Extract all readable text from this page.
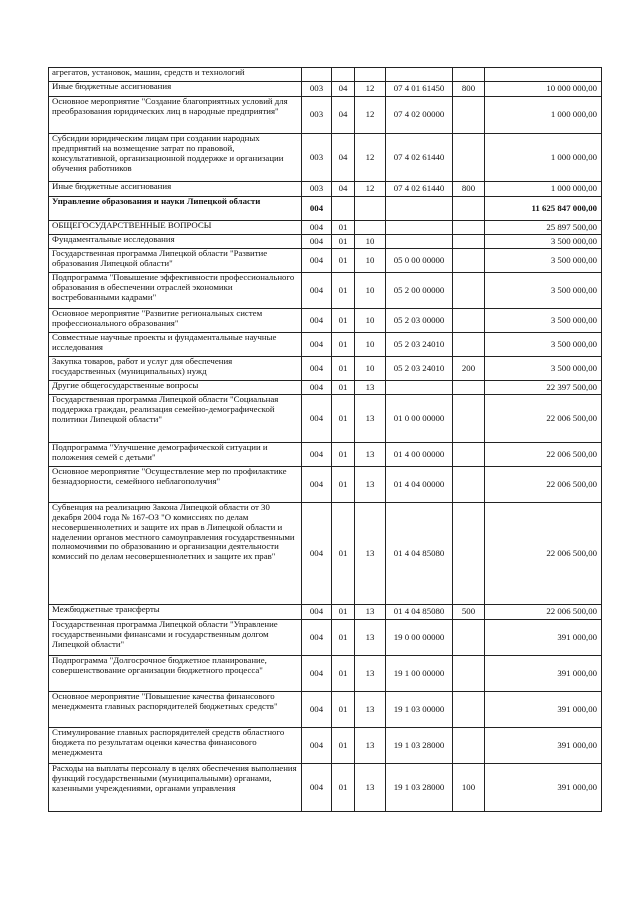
агрегатов, установок, машин, средств и технологий						
Иные бюджетные ассигнования	003	04	12	07 4 01 61450	800	10 000 000,00
Основное мероприятие "Создание благоприятных условий для преобразования юридических лиц в народные предприятия"	003	04	12	07 4 02 00000		1 000 000,00
Субсидии юридическим лицам при создании народных предприятий на возмещение затрат по правовой, консультативной, организационной поддержке и организации обучения работников	003	04	12	07 4 02 61440		1 000 000,00
Иные бюджетные ассигнования	003	04	12	07 4 02 61440	800	1 000 000,00
Управление образования и науки Липецкой области	004					11 625 847 000,00
ОБЩЕГОСУДАРСТВЕННЫЕ ВОПРОСЫ	004	01				25 897 500,00
Фундаментальные исследования	004	01	10			3 500 000,00
Государственная программа Липецкой области "Развитие образования Липецкой области"	004	01	10	05 0 00 00000		3 500 000,00
Подпрограмма "Повышение эффективности профессионального образования в обеспечении отраслей экономики востребованными кадрами"	004	01	10	05 2 00 00000		3 500 000,00
Основное мероприятие "Развитие региональных систем профессионального образования"	004	01	10	05 2 03 00000		3 500 000,00
Совместные научные проекты и фундаментальные научные исследования	004	01	10	05 2 03 24010		3 500 000,00
Закупка товаров, работ и услуг для обеспечения государственных (муниципальных) нужд	004	01	10	05 2 03 24010	200	3 500 000,00
Другие общегосударственные вопросы	004	01	13			22 397 500,00
Государственная программа Липецкой области "Социальная поддержка граждан, реализация семейно-демографической политики Липецкой области"	004	01	13	01 0 00 00000		22 006 500,00
Подпрограмма "Улучшение демографической ситуации и положения семей с детьми"	004	01	13	01 4 00 00000		22 006 500,00
Основное мероприятие "Осуществление мер по профилактике безнадзорности, семейного неблагополучия"	004	01	13	01 4 04 00000		22 006 500,00
Субвенция на реализацию Закона Липецкой области от 30 декабря 2004 года № 167-ОЗ "О комиссиях по делам несовершеннолетних и защите их прав в Липецкой области и наделении органов местного самоуправления государственными полномочиями по образованию и организации деятельности комиссий по делам несовершеннолетних и защите их прав"	004	01	13	01 4 04 85080		22 006 500,00
Межбюджетные трансферты	004	01	13	01 4 04 85080	500	22 006 500,00
Государственная программа Липецкой области "Управление государственными финансами и государственным долгом Липецкой области"	004	01	13	19 0 00 00000		391 000,00
Подпрограмма "Долгосрочное бюджетное планирование, совершенствование организации бюджетного процесса"	004	01	13	19 1 00 00000		391 000,00
Основное мероприятие "Повышение качества финансового менеджмента главных распорядителей бюджетных средств"	004	01	13	19 1 03 00000		391 000,00
Стимулирование главных распорядителей средств областного бюджета по результатам оценки качества финансового менеджмента	004	01	13	19 1 03 28000		391 000,00
Расходы на выплаты персоналу в целях обеспечения выполнения функций государственными (муниципальными) органами, казенными учреждениями, органами управления	004	01	13	19 1 03 28000	100	391 000,00
